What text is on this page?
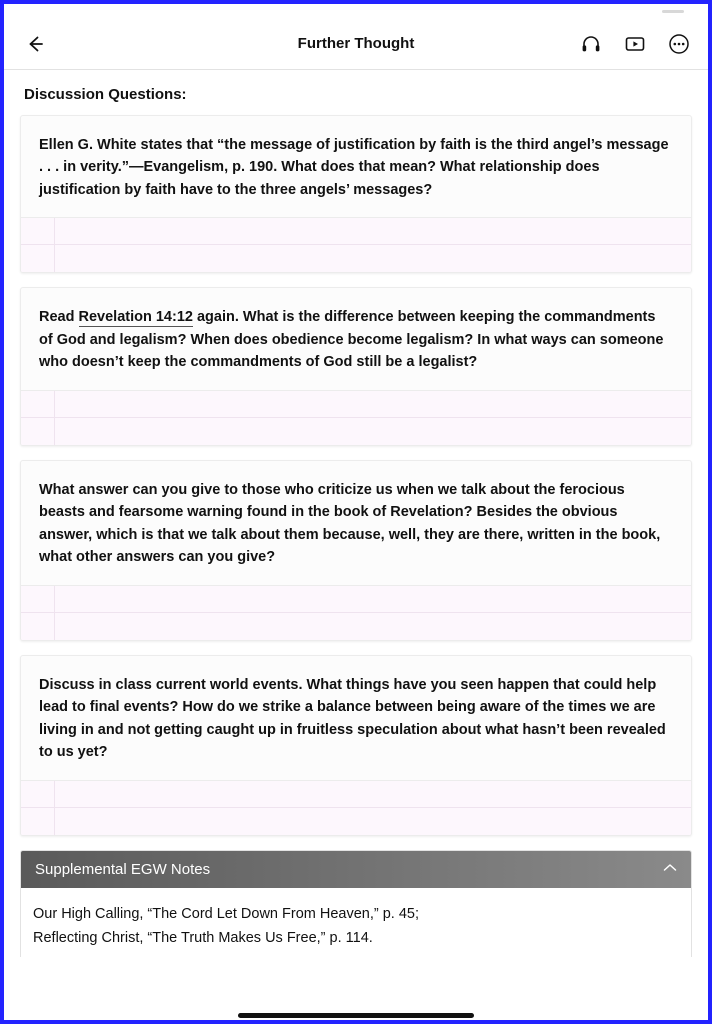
Further Thought
Discussion Questions:
Ellen G. White states that “the message of justification by faith is the third angel’s message . . . in verity.”—Evangelism, p. 190. What does that mean? What relationship does justification by faith have to the three angels’ messages?
Read Revelation 14:12 again. What is the difference between keeping the commandments of God and legalism? When does obedience become legalism? In what ways can someone who doesn’t keep the commandments of God still be a legalist?
What answer can you give to those who criticize us when we talk about the ferocious beasts and fearsome warning found in the book of Revelation? Besides the obvious answer, which is that we talk about them because, well, they are there, written in the book, what other answers can you give?
Discuss in class current world events. What things have you seen happen that could help lead to final events? How do we strike a balance between being aware of the times we are living in and not getting caught up in fruitless speculation about what hasn’t been revealed to us yet?
Supplemental EGW Notes
Our High Calling, “The Cord Let Down From Heaven,” p. 45;
Reflecting Christ, “The Truth Makes Us Free,” p. 114.
